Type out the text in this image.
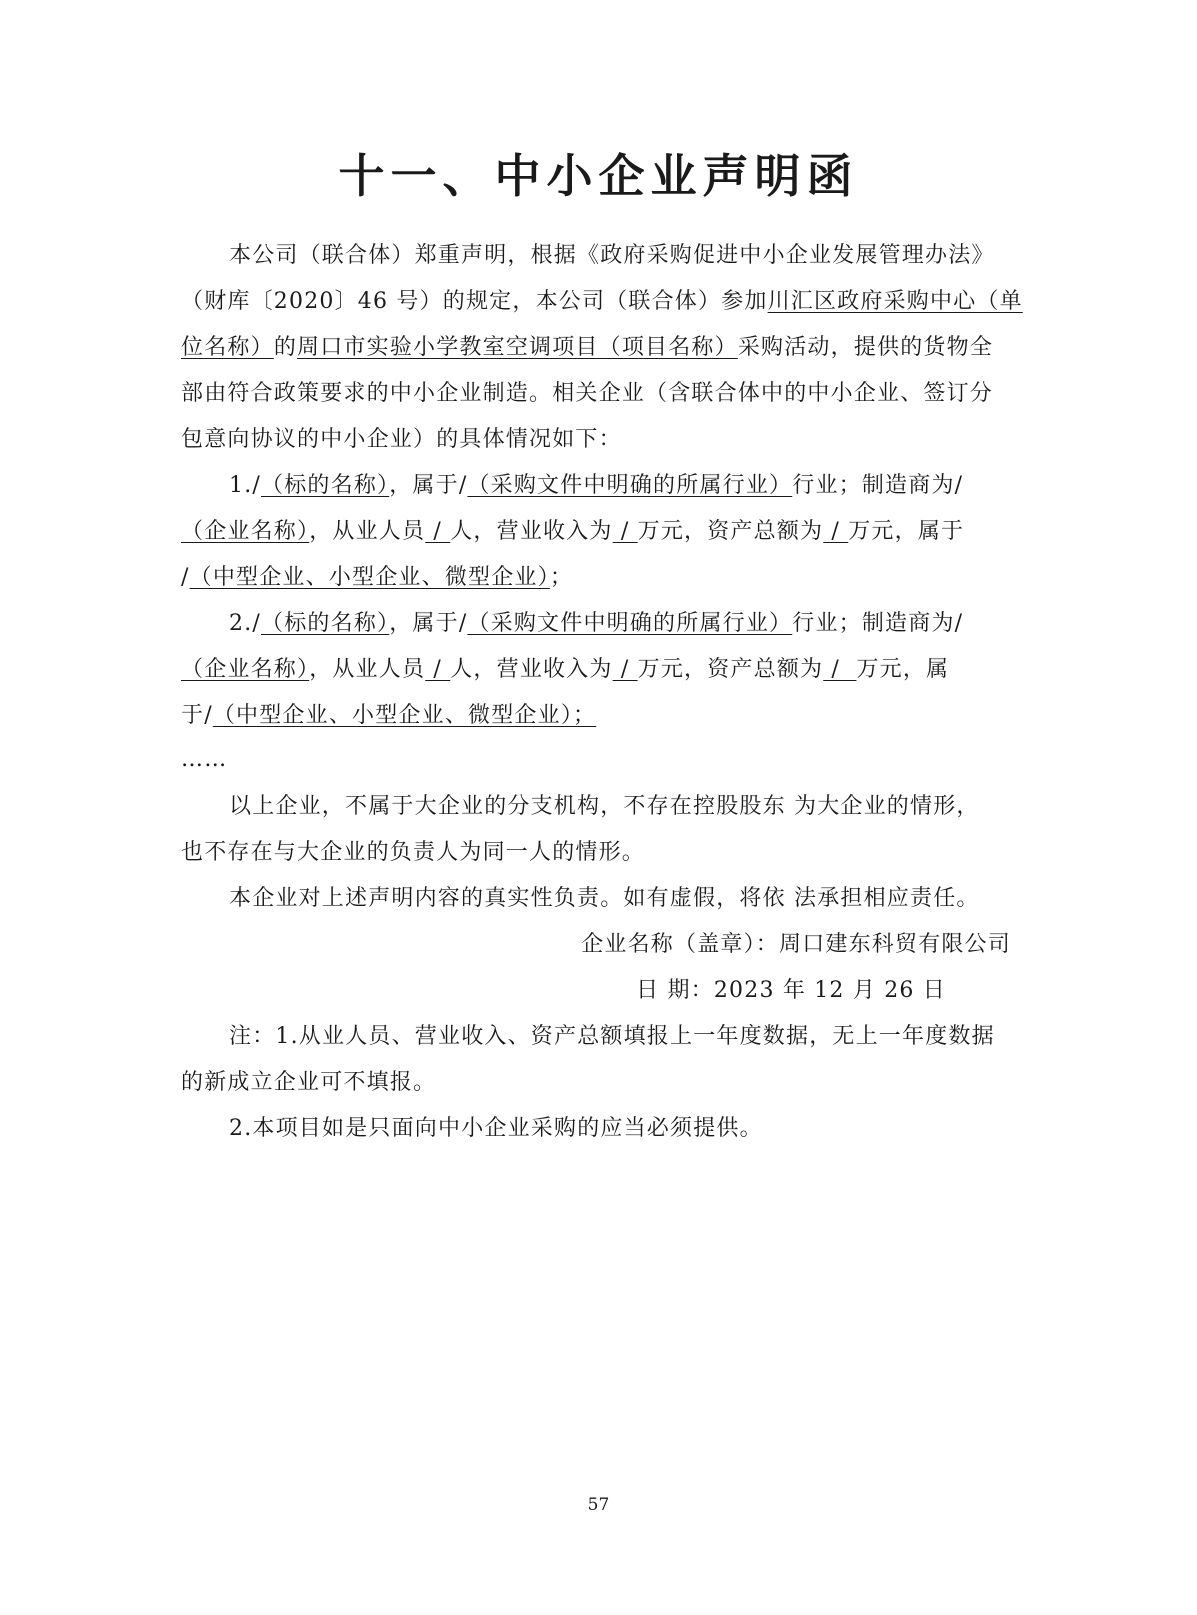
十一、中小企业声明函
本公司（联合体）郑重声明，根据《政府采购促进中小企业发展管理办法》
（财库〔2020〕46 号）的规定，本公司（联合体）参加川汇区政府采购中心（单
位名称）的周口市实验小学教室空调项目（项目名称）采购活动，提供的货物全
部由符合政策要求的中小企业制造。相关企业（含联合体中的中小企业、签订分
包意向协议的中小企业）的具体情况如下：
1./（标的名称），属于/（采购文件中明确的所属行业）行业；制造商为/
（企业名称），从业人员 / 人，营业收入为 / 万元，资产总额为 / 万元，属于
/（中型企业、小型企业、微型企业）；
2./（标的名称），属于/（采购文件中明确的所属行业）行业；制造商为/
（企业名称），从业人员 / 人，营业收入为 / 万元，资产总额为 /  万元，属
于/（中型企业、小型企业、微型企业）；
……
以上企业，不属于大企业的分支机构，不存在控股股东 为大企业的情形，
也不存在与大企业的负责人为同一人的情形。
本企业对上述声明内容的真实性负责。如有虚假，将依 法承担相应责任。
企业名称（盖章）：周口建东科贸有限公司
日 期：2023 年 12 月 26 日
注：1.从业人员、营业收入、资产总额填报上一年度数据，无上一年度数据
的新成立企业可不填报。
2.本项目如是只面向中小企业采购的应当必须提供。
57
